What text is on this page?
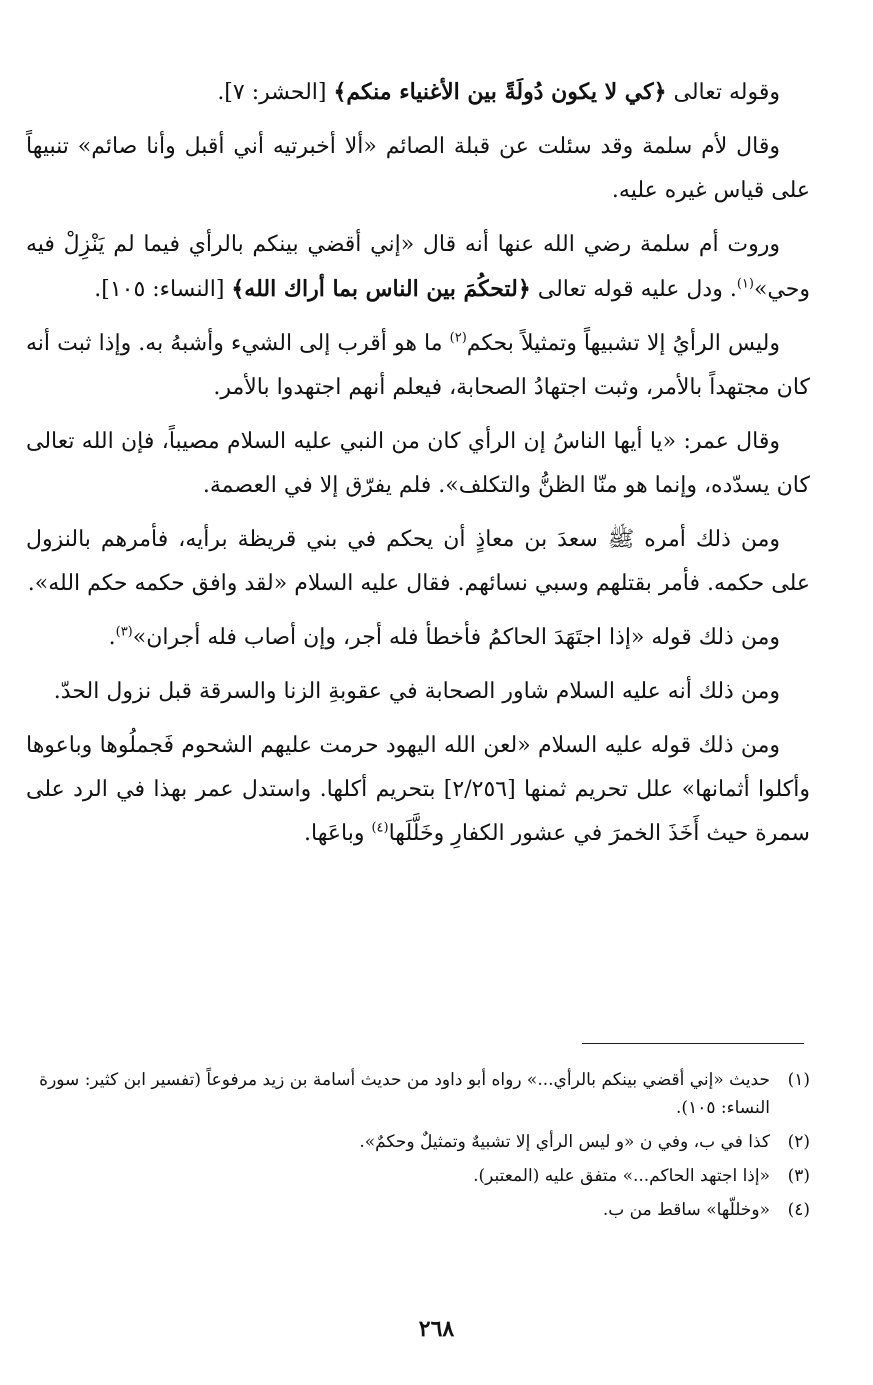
وقوله تعالى ﴿كي لا يكون دُولَةً بين الأغنياء منكم﴾ [الحشر: ٧].

وقال لأم سلمة وقد سئلت عن قبلة الصائم «ألا أخبرتيه أني أقبل وأنا صائم» تنبيهاً على قياس غيره عليه.

وروت أم سلمة رضي الله عنها أنه قال «إني أقضي بينكم بالرأي فيما لم يَنْزِلْ فيه وحي»$^{(١)}$. ودل عليه قوله تعالى ﴿لتحكُمَ بين الناس بما أراك الله﴾ [النساء: ١٠٥].

وليس الرأيُ إلا تشبيهاً وتمثيلاً بحكم$^{(٢)}$ ما هو أقرب إلى الشيء وأشبهُ به. وإذا ثبت أنه كان مجتهداً بالأمر، وثبت اجتهادُ الصحابة، فيعلم أنهم اجتهدوا بالأمر.

وقال عمر: «يا أيها الناسُ إن الرأي كان من النبي عليه السلام مصيباً، فإن الله تعالى كان يسدّده، وإنما هو منّا الظنُّ والتكلف». فلم يفرّق إلا في العصمة.

ومن ذلك أمره ﷺ سعدَ بن معاذٍ أن يحكم في بني قريظة برأيه، فأمرهم بالنزول على حكمه. فأمر بقتلهم وسبي نسائهم. فقال عليه السلام «لقد وافق حكمه حكم الله».

ومن ذلك قوله «إذا اجتَهَدَ الحاكمُ فأخطأ فله أجر، وإن أصاب فله أجران»$^{(٣)}$.

ومن ذلك أنه عليه السلام شاور الصحابة في عقوبةِ الزنا والسرقة قبل نزول الحدّ.

ومن ذلك قوله عليه السلام «لعن الله اليهود حرمت عليهم الشحوم فَجملُوها وباعوها وأكلوا أثمانها» علل تحريم ثمنها [٢/٢٥٦] بتحريم أكلها. واستدل عمر بهذا في الرد على سمرة حيث أَخَذَ الخمرَ في عشور الكفارِ وخَلَّلَها$^{(٤)}$ وباعَها.

(١)
حديث «إني أقضي بينكم بالرأي...» رواه أبو داود من حديث أسامة بن زيد مرفوعاً (تفسير ابن كثير: سورة النساء: ١٠٥).
(٢)
كذا في ب، وفي ن «و ليس الرأي إلا تشبيهٌ وتمثيلٌ وحكمٌ».
(٣)
«إذا اجتهد الحاكم...» متفق عليه (المعتبر).
(٤)
«وخللّها» ساقط من ب.
٢٦٨
